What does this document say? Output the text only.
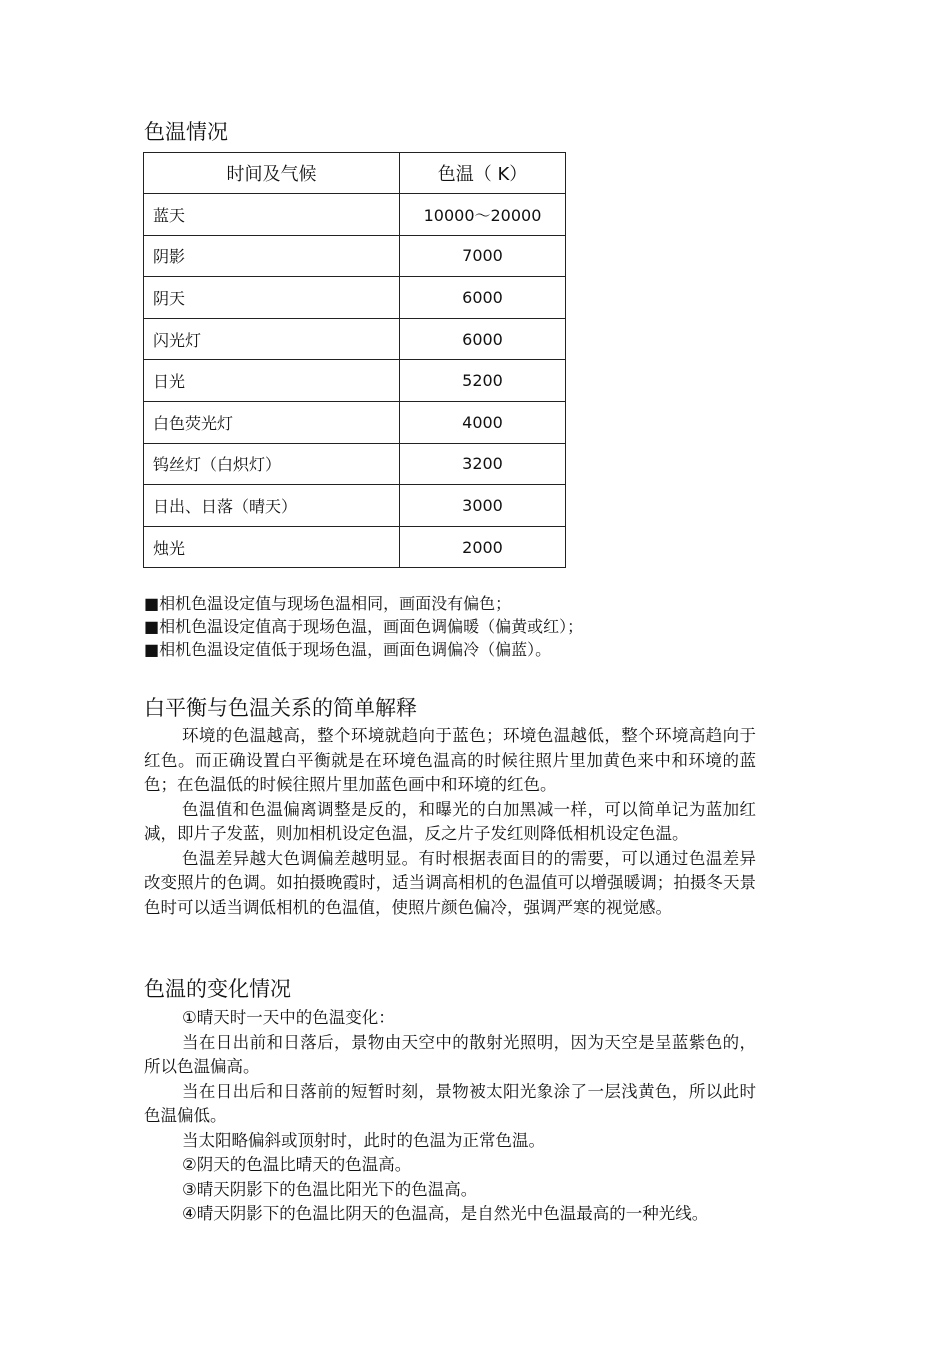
色温情况
时间及气候	色温（ K）
蓝天	10000～20000
阴影	7000
阴天	6000
闪光灯	6000
日光	5200
白色荧光灯	4000
钨丝灯（白炽灯）	3200
日出、日落（晴天）	3000
烛光	2000
■相机色温设定值与现场色温相同，画面没有偏色；
■相机色温设定值高于现场色温，画面色调偏暖（偏黄或红）；
■相机色温设定值低于现场色温，画面色调偏冷（偏蓝）。
白平衡与色温关系的简单解释

环境的色温越高，整个环境就趋向于蓝色；环境色温越低，整个环境高趋向于红色。而正确设置白平衡就是在环境色温高的时候往照片里加黄色来中和环境的蓝色；在色温低的时候往照片里加蓝色画中和环境的红色。

色温值和色温偏离调整是反的，和曝光的白加黑减一样，可以简单记为蓝加红减，即片子发蓝，则加相机设定色温，反之片子发红则降低相机设定色温。

色温差异越大色调偏差越明显。有时根据表面目的的需要，可以通过色温差异改变照片的色调。如拍摄晚霞时，适当调高相机的色温值可以增强暖调；拍摄冬天景色时可以适当调低相机的色温值，使照片颜色偏冷，强调严寒的视觉感。

色温的变化情况

①晴天时一天中的色温变化：

当在日出前和日落后，景物由天空中的散射光照明，因为天空是呈蓝紫色的，所以色温偏高。

当在日出后和日落前的短暂时刻，景物被太阳光象涂了一层浅黄色，所以此时色温偏低。

当太阳略偏斜或顶射时，此时的色温为正常色温。

②阴天的色温比晴天的色温高。

③晴天阴影下的色温比阳光下的色温高。

④晴天阴影下的色温比阴天的色温高，是自然光中色温最高的一种光线。
